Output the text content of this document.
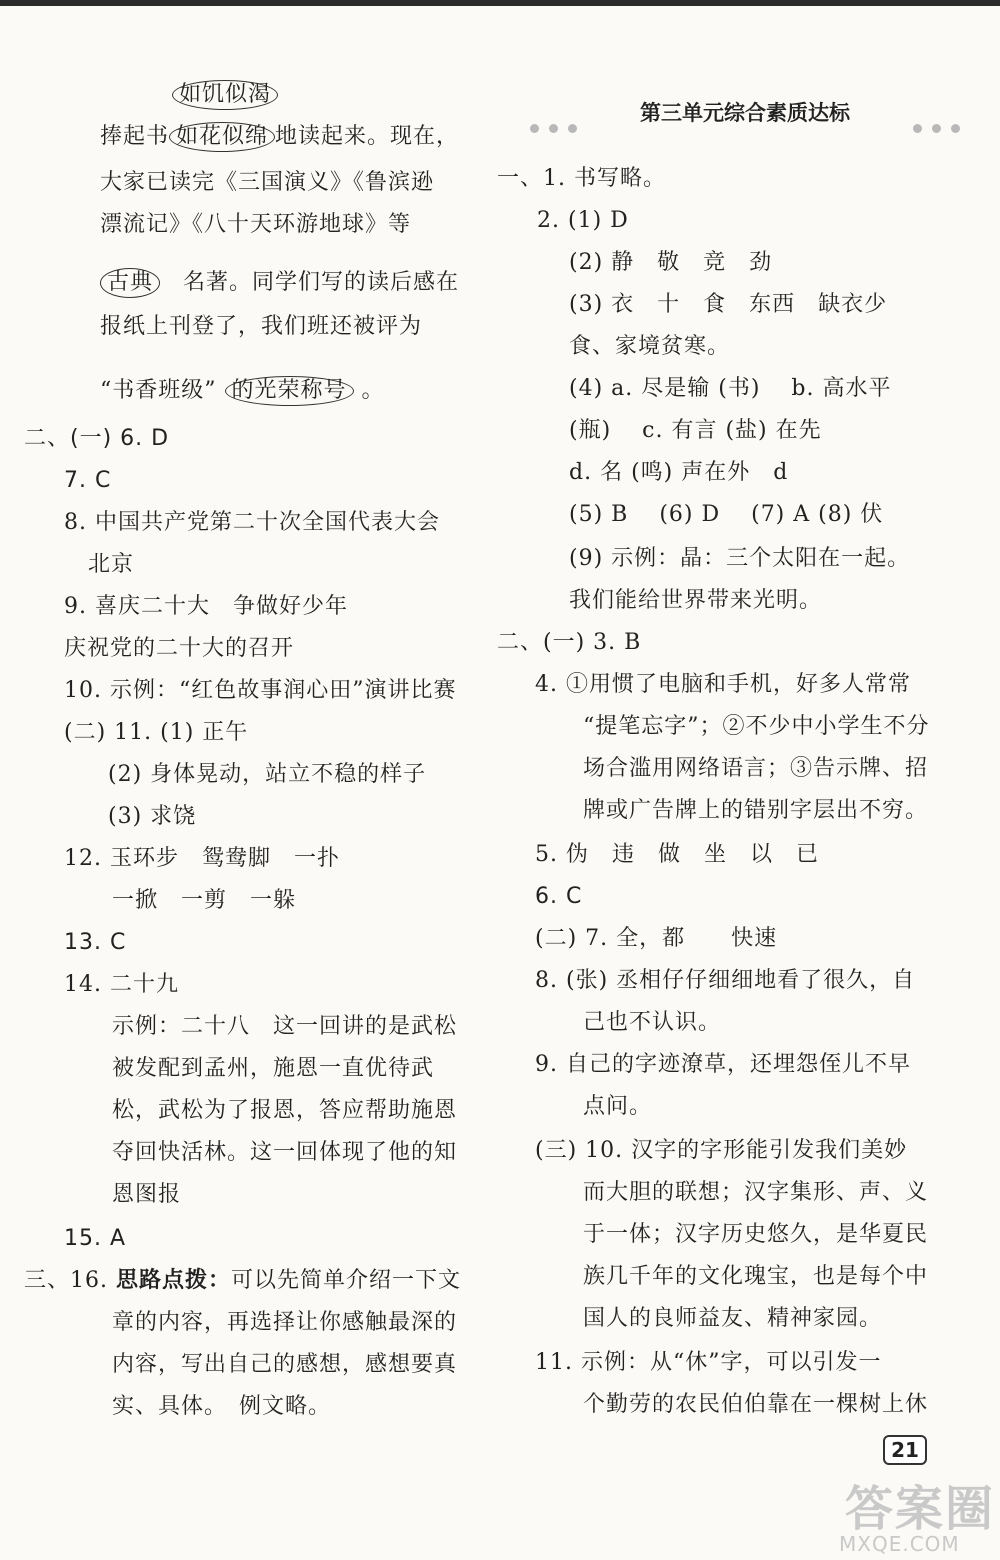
如饥似渴
捧起书 如花似绵 地读起来。现在，
大家已读完《三国演义》《鲁滨逊
漂流记》《八十天环游地球》等
古典　 名著。同学们写的读后感在
报纸上刊登了，我们班还被评为
“书香班级” 的光荣称号 。
二、(一) 6. D
7. C
8. 中国共产党第二十次全国代表大会
北京
9. 喜庆二十大　争做好少年
庆祝党的二十大的召开
10. 示例：“红色故事润心田”演讲比赛
(二) 11. (1) 正午
(2) 身体晃动，站立不稳的样子
(3) 求饶
12. 玉环步　鸳鸯脚　一扑
一掀　一剪　一躲
13. C
14. 二十九
示例：二十八　这一回讲的是武松
被发配到孟州，施恩一直优待武
松，武松为了报恩，答应帮助施恩
夺回快活林。这一回体现了他的知
恩图报
15. A
三、16. 思路点拨：可以先简单介绍一下文
章的内容，再选择让你感触最深的
内容，写出自己的感想，感想要真
实、具体。　例文略。
第三单元综合素质达标
一、1. 书写略。
2. (1) D
(2) 静　敬　竞　劲
(3) 衣　十　食　东西　缺衣少
食、家境贫寒。
(4) a. 尽是输 (书)　 b. 高水平
(瓶)　 c. 有言 (盐) 在先
d. 名 (鸣) 声在外　d
(5) B　 (6) D　 (7) A (8) 伏
(9) 示例：晶：三个太阳在一起。
我们能给世界带来光明。
二、(一) 3. B
4. ①用惯了电脑和手机，好多人常常
“提笔忘字”；②不少中小学生不分
场合滥用网络语言；③告示牌、招
牌或广告牌上的错别字层出不穷。
5. 伪　违　做　坐　以　已
6. C
(二) 7. 全，都　　快速
8. (张) 丞相仔仔细细地看了很久，自
己也不认识。
9. 自己的字迹潦草，还埋怨侄儿不早
点问。
(三) 10. 汉字的字形能引发我们美妙
而大胆的联想；汉字集形、声、义
于一体；汉字历史悠久，是华夏民
族几千年的文化瑰宝，也是每个中
国人的良师益友、精神家园。
11. 示例：从“休”字，可以引发一
个勤劳的农民伯伯靠在一棵树上休
21
答案圈
MXQE.COM
